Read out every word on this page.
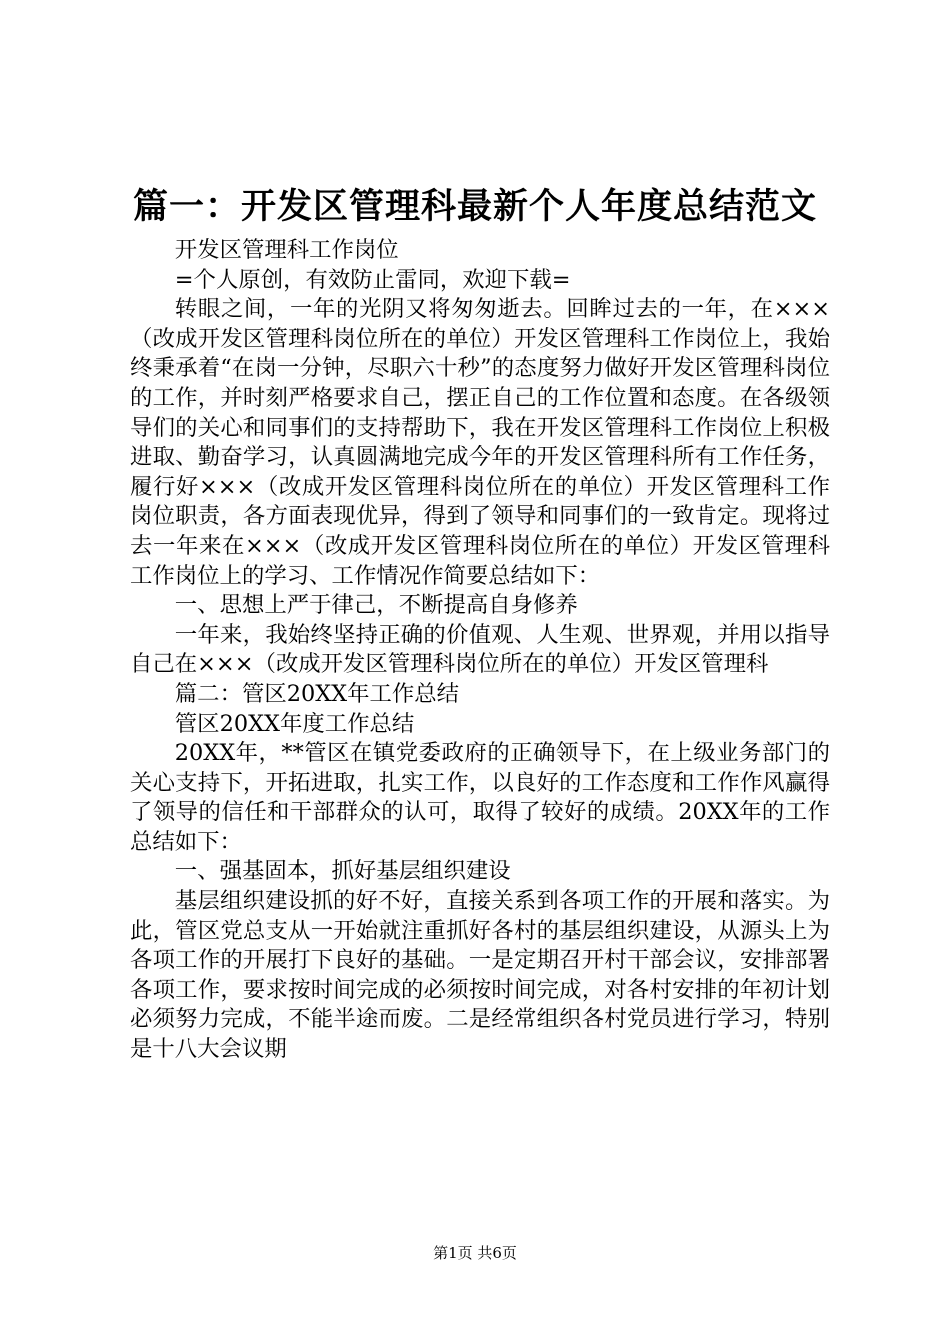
篇一：开发区管理科最新个人年度总结范文

开发区管理科工作岗位

=个人原创，有效防止雷同，欢迎下载=

转眼之间，一年的光阴又将匆匆逝去。回眸过去的一年，在×××（改成开发区管理科岗位所在的单位）开发区管理科工作岗位上，我始终秉承着“在岗一分钟，尽职六十秒”的态度努力做好开发区管理科岗位的工作，并时刻严格要求自己，摆正自己的工作位置和态度。在各级领导们的关心和同事们的支持帮助下，我在开发区管理科工作岗位上积极进取、勤奋学习，认真圆满地完成今年的开发区管理科所有工作任务，履行好×××（改成开发区管理科岗位所在的单位）开发区管理科工作岗位职责，各方面表现优异，得到了领导和同事们的一致肯定。现将过去一年来在×××（改成开发区管理科岗位所在的单位）开发区管理科工作岗位上的学习、工作情况作简要总结如下：

一、思想上严于律己，不断提高自身修养

一年来，我始终坚持正确的价值观、人生观、世界观，并用以指导自己在×××（改成开发区管理科岗位所在的单位）开发区管理科

篇二：管区20XX年工作总结

管区20XX年度工作总结

20XX年，**管区在镇党委政府的正确领导下，在上级业务部门的关心支持下，开拓进取，扎实工作，以良好的工作态度和工作作风赢得了领导的信任和干部群众的认可，取得了较好的成绩。20XX年的工作总结如下：

一、强基固本，抓好基层组织建设

基层组织建设抓的好不好，直接关系到各项工作的开展和落实。为此，管区党总支从一开始就注重抓好各村的基层组织建设，从源头上为各项工作的开展打下良好的基础。一是定期召开村干部会议，安排部署各项工作，要求按时间完成的必须按时间完成，对各村安排的年初计划必须努力完成，不能半途而废。二是经常组织各村党员进行学习，特别是十八大会议期

第1页 共6页
